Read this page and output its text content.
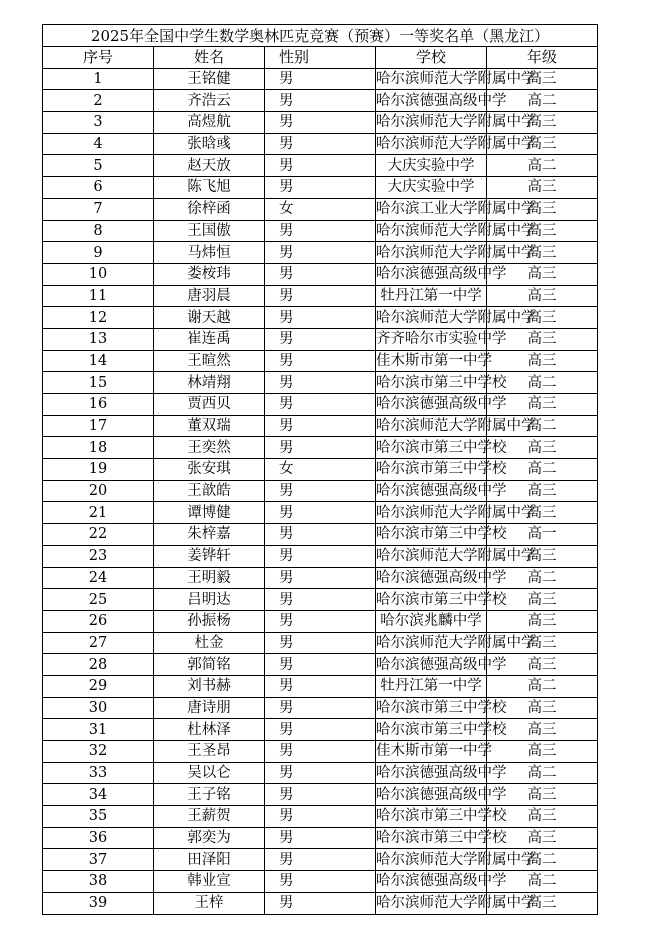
2025年全国中学生数学奥林匹克竞赛（预赛）一等奖名单（黑龙江）				
序号	姓名	性别	学校	年级
1	王铭健	男	哈尔滨师范大学附属中学	高三
2	齐浩云	男	哈尔滨德强高级中学	高二
3	高煜航	男	哈尔滨师范大学附属中学	高三
4	张晗彧	男	哈尔滨师范大学附属中学	高三
5	赵天放	男	大庆实验中学	高二
6	陈飞旭	男	大庆实验中学	高三
7	徐梓函	女	哈尔滨工业大学附属中学	高三
8	王国傲	男	哈尔滨师范大学附属中学	高三
9	马炜恒	男	哈尔滨师范大学附属中学	高三
10	娄桉玮	男	哈尔滨德强高级中学	高三
11	唐羽晨	男	牡丹江第一中学	高三
12	谢天越	男	哈尔滨师范大学附属中学	高三
13	崔连禹	男	齐齐哈尔市实验中学	高三
14	王暄然	男	佳木斯市第一中学	高三
15	林靖翔	男	哈尔滨市第三中学校	高二
16	贾西贝	男	哈尔滨德强高级中学	高三
17	董双瑞	男	哈尔滨师范大学附属中学	高二
18	王奕然	男	哈尔滨市第三中学校	高三
19	张安琪	女	哈尔滨市第三中学校	高二
20	王歆皓	男	哈尔滨德强高级中学	高三
21	谭博健	男	哈尔滨师范大学附属中学	高三
22	朱梓嘉	男	哈尔滨市第三中学校	高一
23	姜铧轩	男	哈尔滨师范大学附属中学	高三
24	王明毅	男	哈尔滨德强高级中学	高二
25	吕明达	男	哈尔滨市第三中学校	高三
26	孙振杨	男	哈尔滨兆麟中学	高三
27	杜金	男	哈尔滨师范大学附属中学	高三
28	郭简铭	男	哈尔滨德强高级中学	高三
29	刘书赫	男	牡丹江第一中学	高二
30	唐诗朋	男	哈尔滨市第三中学校	高三
31	杜林泽	男	哈尔滨市第三中学校	高三
32	王圣昂	男	佳木斯市第一中学	高三
33	吴以仑	男	哈尔滨德强高级中学	高二
34	王子铭	男	哈尔滨德强高级中学	高三
35	王薪贺	男	哈尔滨市第三中学校	高三
36	郭奕为	男	哈尔滨市第三中学校	高三
37	田泽阳	男	哈尔滨师范大学附属中学	高二
38	韩业宣	男	哈尔滨德强高级中学	高二
39	王梓	男	哈尔滨师范大学附属中学	高三
